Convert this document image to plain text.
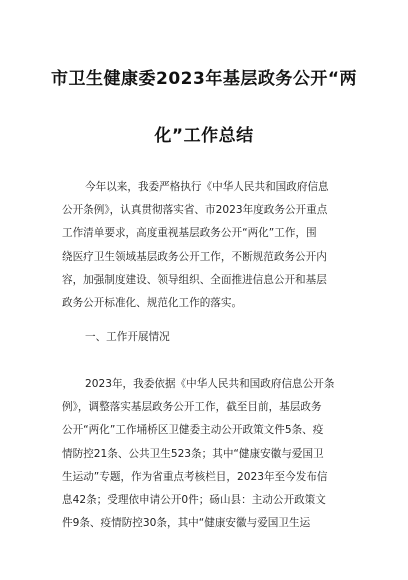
市卫生健康委2023年基层政务公开“两
化”工作总结
今年以来，我委严格执行《中华人民共和国政府信息
公开条例》，认真贯彻落实省、市2023年度政务公开重点
工作清单要求，高度重视基层政务公开“两化”工作，围
绕医疗卫生领域基层政务公开工作，不断规范政务公开内
容，加强制度建设、领导组织、全面推进信息公开和基层
政务公开标准化、规范化工作的落实。
一、工作开展情况
2023年，我委依据《中华人民共和国政府信息公开条
例》，调整落实基层政务公开工作，截至目前，基层政务
公开“两化”工作埇桥区卫健委主动公开政策文件5条、疫
情防控21条、公共卫生523条；其中“健康安徽与爱国卫
生运动”专题，作为省重点考核栏目，2023年至今发布信
息42条；受理依申请公开0件；砀山县：主动公开政策文
件9条、疫情防控30条，其中“健康安徽与爱国卫生运
